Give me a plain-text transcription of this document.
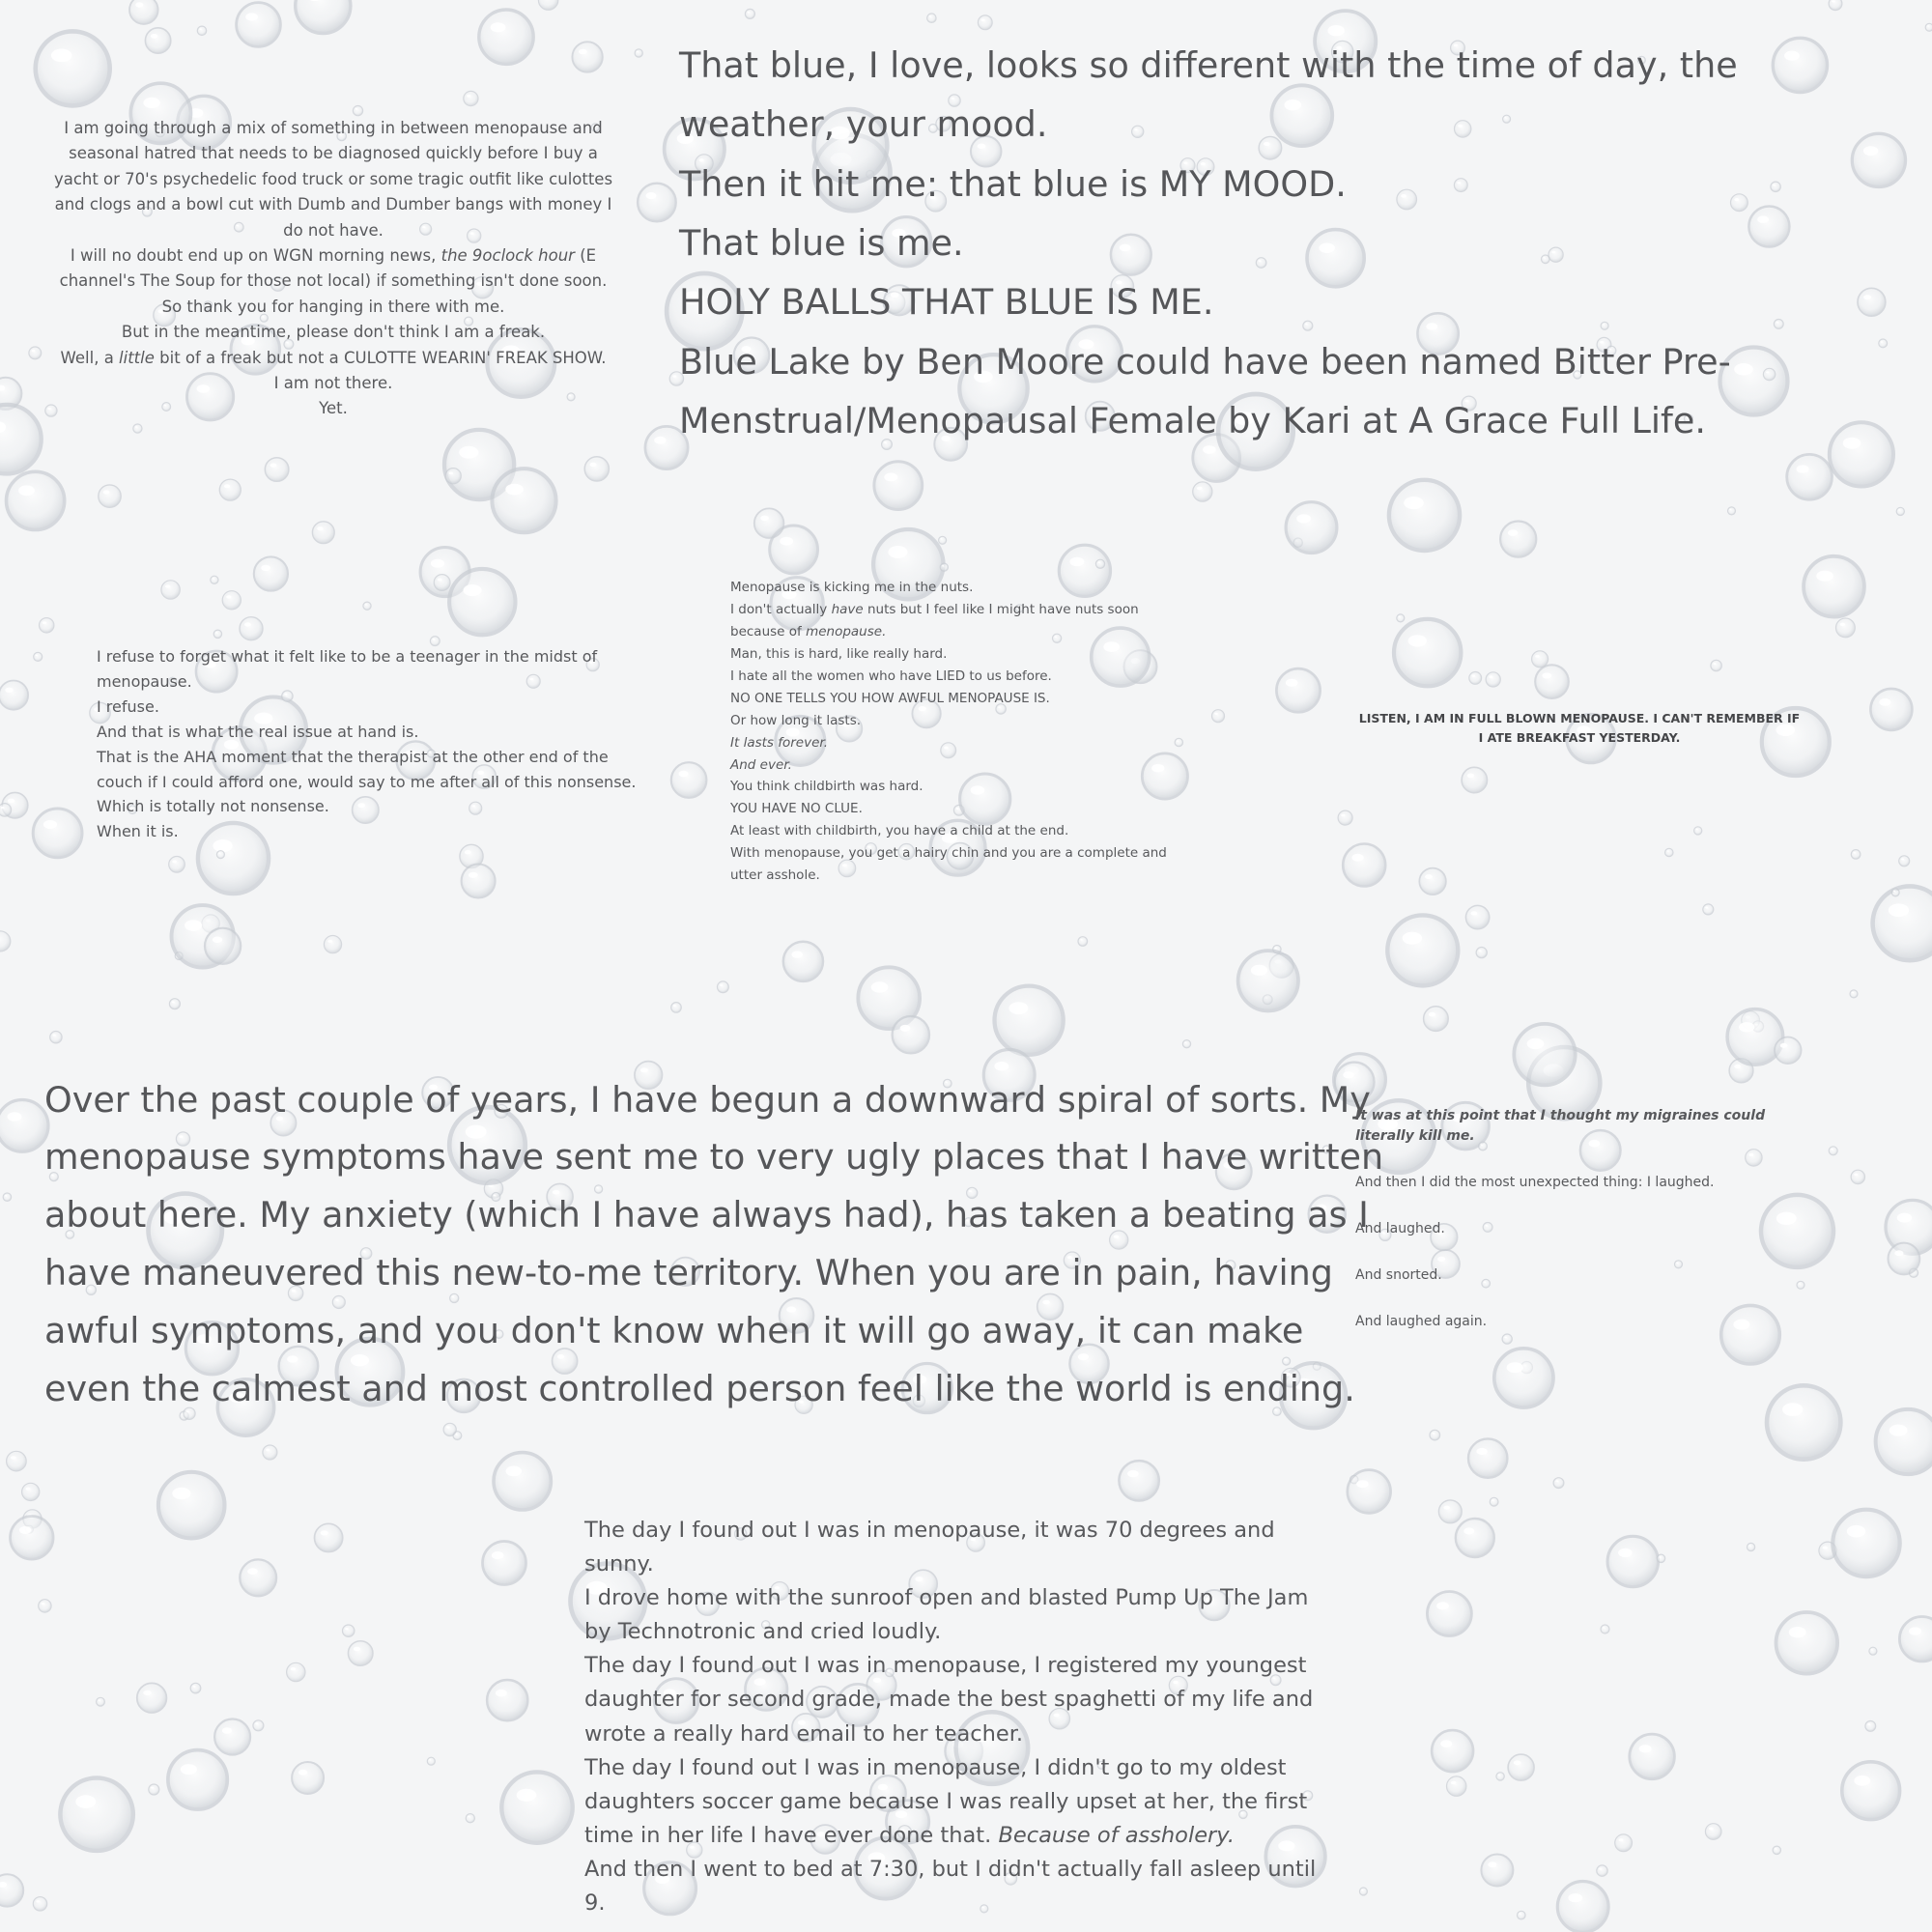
I am going through a mix of something in between menopause and seasonal hatred that needs to be diagnosed quickly before I buy a yacht or 70's psychedelic food truck or some tragic outfit like culottes and clogs and a bowl cut with Dumb and Dumber bangs with money I do not have.

I will no doubt end up on WGN morning news, the 9oclock hour (E channel's The Soup for those not local) if something isn't done soon.

So thank you for hanging in there with me.

But in the meantime, please don't think I am a freak.

Well, a little bit of a freak but not a CULOTTE WEARIN' FREAK SHOW.

I am not there.

Yet.

That blue, I love, looks so different with the time of day, the weather, your mood.

Then it hit me: that blue is MY MOOD.

That blue is me.

HOLY BALLS THAT BLUE IS ME.

Blue Lake by Ben Moore could have been named Bitter Pre-Menstrual/Menopausal Female by Kari at A Grace Full Life.

I refuse to forget what it felt like to be a teenager in the midst of menopause.

I refuse.

And that is what the real issue at hand is.

That is the AHA moment that the therapist at the other end of the couch if I could afford one, would say to me after all of this nonsense.

Which is totally not nonsense.

When it is.

Menopause is kicking me in the nuts.

I don't actually have nuts but I feel like I might have nuts soon because of menopause.

Man, this is hard, like really hard.

I hate all the women who have LIED to us before.

NO ONE TELLS YOU HOW AWFUL MENOPAUSE IS.

Or how long it lasts.

It lasts forever.

And ever.

You think childbirth was hard.

YOU HAVE NO CLUE.

At least with childbirth, you have a child at the end.

With menopause, you get a hairy chin and you are a complete and utter asshole.

LISTEN, I AM IN FULL BLOWN MENOPAUSE. I CAN'T REMEMBER IF I ATE BREAKFAST YESTERDAY.

Over the past couple of years, I have begun a downward spiral of sorts. My menopause symptoms have sent me to very ugly places that I have written about here. My anxiety (which I have always had), has taken a beating as I have maneuvered this new-to-me territory. When you are in pain, having awful symptoms, and you don't know when it will go away, it can make even the calmest and most controlled person feel like the world is ending.

It was at this point that I thought my migraines could literally kill me.

And then I did the most unexpected thing: I laughed.

And laughed.

And snorted.

And laughed again.

The day I found out I was in menopause, it was 70 degrees and sunny.

I drove home with the sunroof open and blasted Pump Up The Jam by Technotronic and cried loudly.

The day I found out I was in menopause, I registered my youngest daughter for second grade, made the best spaghetti of my life and wrote a really hard email to her teacher.

The day I found out I was in menopause, I didn't go to my oldest daughters soccer game because I was really upset at her, the first time in her life I have ever done that. Because of assholery.

And then I went to bed at 7:30, but I didn't actually fall asleep until 9.
